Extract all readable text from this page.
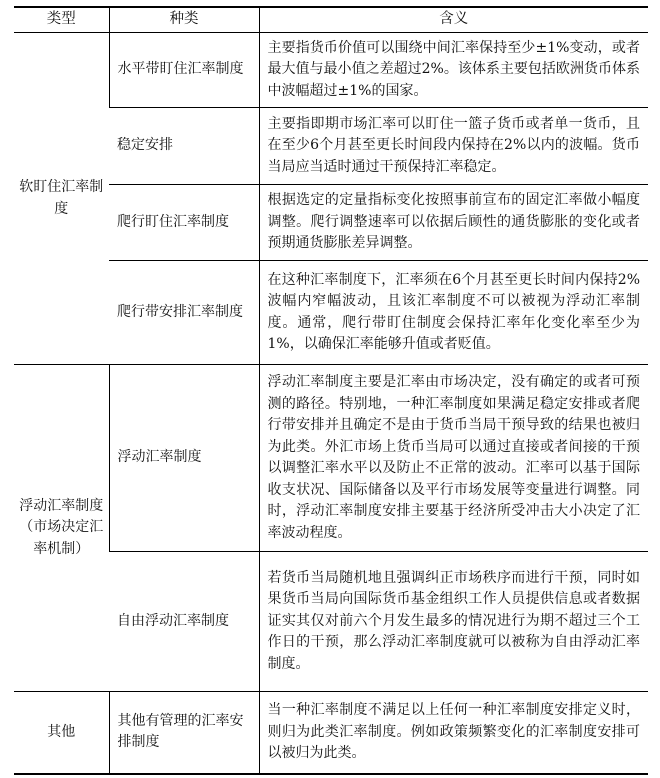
类型	种类	含义
软盯住汇率制度	水平带盯住汇率制度	主要指货币价值可以围绕中间汇率保持至少±1%变动，或者最大值与最小值之差超过2%。该体系主要包括欧洲货币体系中波幅超过±1%的国家。
	稳定安排	主要指即期市场汇率可以盯住一篮子货币或者单一货币，且在至少6个月甚至更长时间段内保持在2%以内的波幅。货币当局应当适时通过干预保持汇率稳定。
	爬行盯住汇率制度	根据选定的定量指标变化按照事前宣布的固定汇率做小幅度调整。爬行调整速率可以依据后顾性的通货膨胀的变化或者预期通货膨胀差异调整。
	爬行带安排汇率制度	在这种汇率制度下，汇率须在6个月甚至更长时间内保持2%波幅内窄幅波动，且该汇率制度不可以被视为浮动汇率制度。通常，爬行带盯住制度会保持汇率年化变化率至少为1%，以确保汇率能够升值或者贬值。
浮动汇率制度（市场决定汇率机制）	浮动汇率制度	浮动汇率制度主要是汇率由市场决定，没有确定的或者可预测的路径。特别地，一种汇率制度如果满足稳定安排或者爬行带安排并且确定不是由于货币当局干预导致的结果也被归为此类。外汇市场上货币当局可以通过直接或者间接的干预以调整汇率水平以及防止不正常的波动。汇率可以基于国际收支状况、国际储备以及平行市场发展等变量进行调整。同时，浮动汇率制度安排主要基于经济所受冲击大小决定了汇率波动程度。
	自由浮动汇率制度	若货币当局随机地且强调纠正市场秩序而进行干预，同时如果货币当局向国际货币基金组织工作人员提供信息或者数据证实其仅对前六个月发生最多的情况进行为期不超过三个工作日的干预，那么浮动汇率制度就可以被称为自由浮动汇率制度。
其他	其他有管理的汇率安排制度	当一种汇率制度不满足以上任何一种汇率制度安排定义时，则归为此类汇率制度。例如政策频繁变化的汇率制度安排可以被归为此类。
